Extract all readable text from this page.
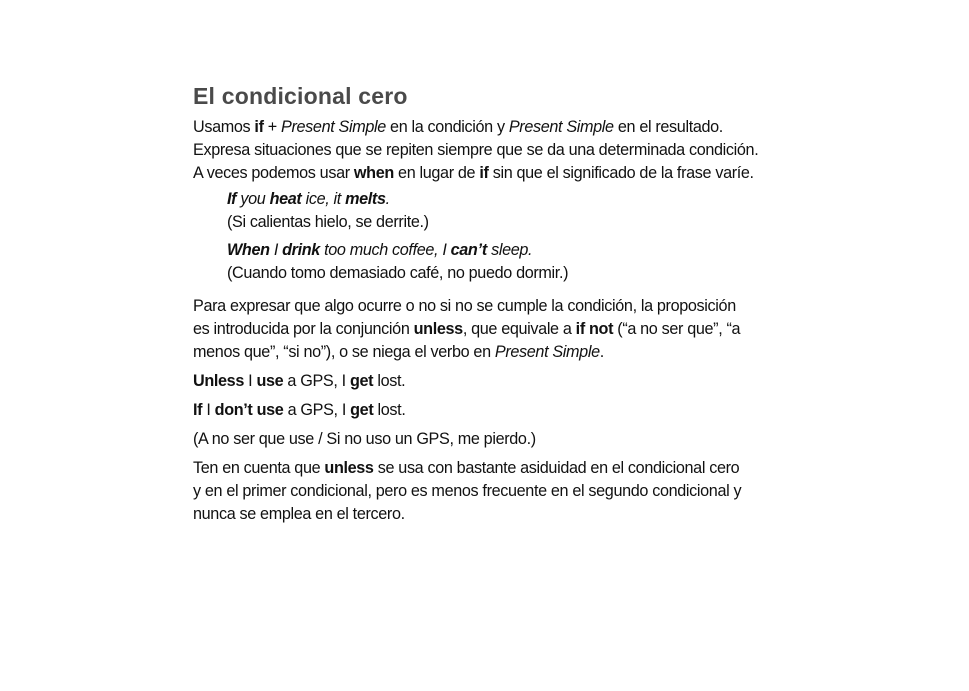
El condicional cero

Usamos if + Present Simple en la condición y Present Simple en el resultado.

Expresa situaciones que se repiten siempre que se da una determinada condición.

A veces podemos usar when en lugar de if sin que el significado de la frase varíe.

If you heat ice, it melts.

(Si calientas hielo, se derrite.)

When I drink too much coffee, I can’t sleep.

(Cuando tomo demasiado café, no puedo dormir.)

Para expresar que algo ocurre o no si no se cumple la condición, la proposición

es introducida por la conjunción unless, que equivale a if not (“a no ser que”, “a

menos que”, “si no”), o se niega el verbo en Present Simple.

Unless I use a GPS, I get lost.

If I don’t use a GPS, I get lost.

(A no ser que use / Si no uso un GPS, me pierdo.)

Ten en cuenta que unless se usa con bastante asiduidad en el condicional cero

y en el primer condicional, pero es menos frecuente en el segundo condicional y

nunca se emplea en el tercero.
